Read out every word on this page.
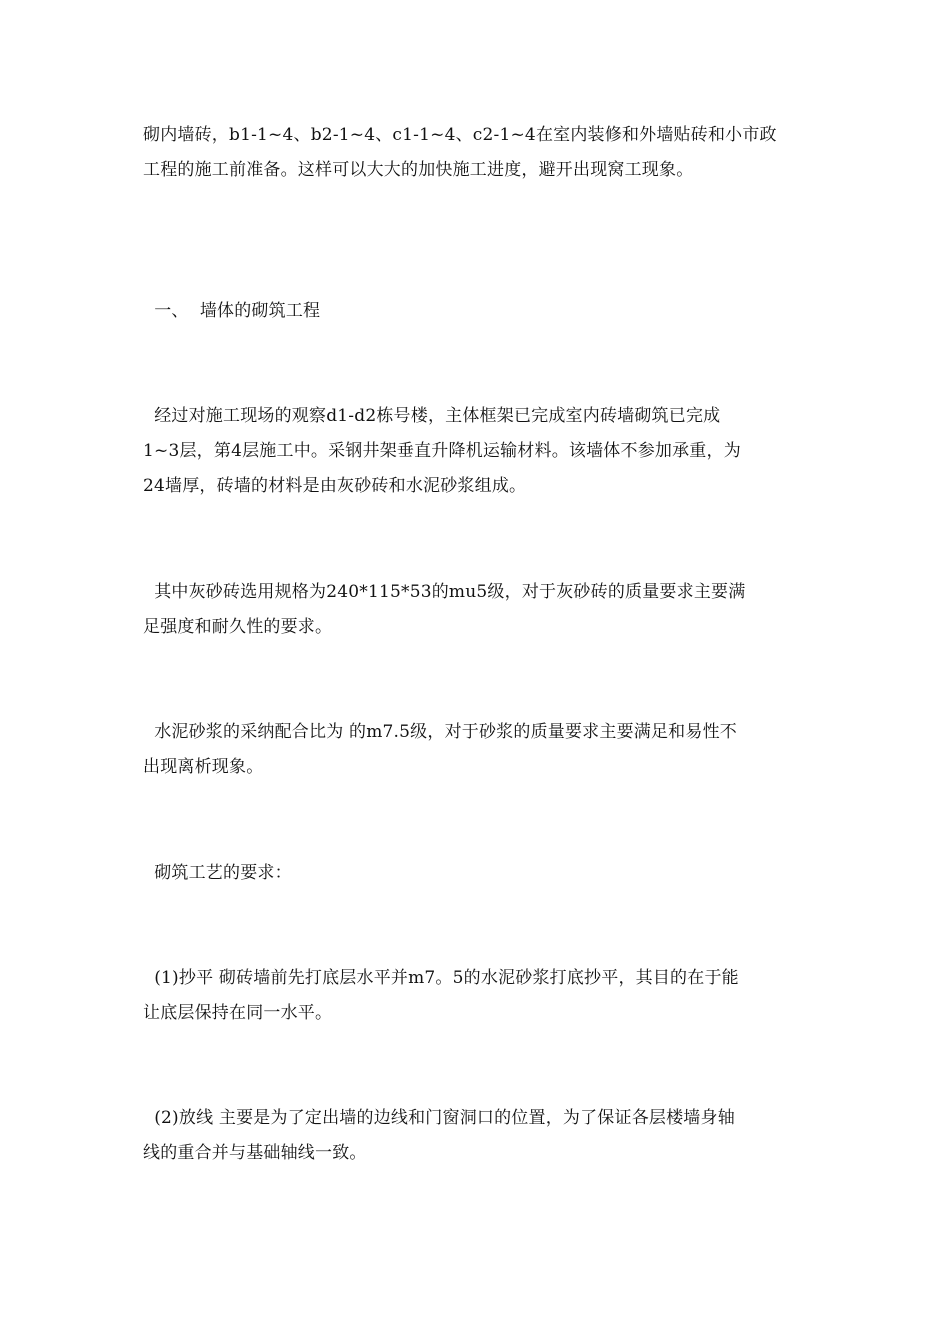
砌内墙砖，b1-1~4、b2-1~4、c1-1~4、c2-1~4在室内装修和外墙贴砖和小市政
工程的施工前准备。这样可以大大的加快施工进度，避开出现窝工现象。

一、  墙体的砌筑工程

经过对施工现场的观察d1-d2栋号楼，主体框架已完成室内砖墙砌筑已完成
1~3层，第4层施工中。采钢井架垂直升降机运输材料。该墙体不参加承重，为
24墙厚，砖墙的材料是由灰砂砖和水泥砂浆组成。

其中灰砂砖选用规格为240*115*53的mu5级，对于灰砂砖的质量要求主要满
足强度和耐久性的要求。

水泥砂浆的采纳配合比为 的m7.5级，对于砂浆的质量要求主要满足和易性不
出现离析现象。

砌筑工艺的要求：

(1)抄平 砌砖墙前先打底层水平并m7。5的水泥砂浆打底抄平，其目的在于能
让底层保持在同一水平。

(2)放线 主要是为了定出墙的边线和门窗洞口的位置，为了保证各层楼墙身轴
线的重合并与基础轴线一致。
